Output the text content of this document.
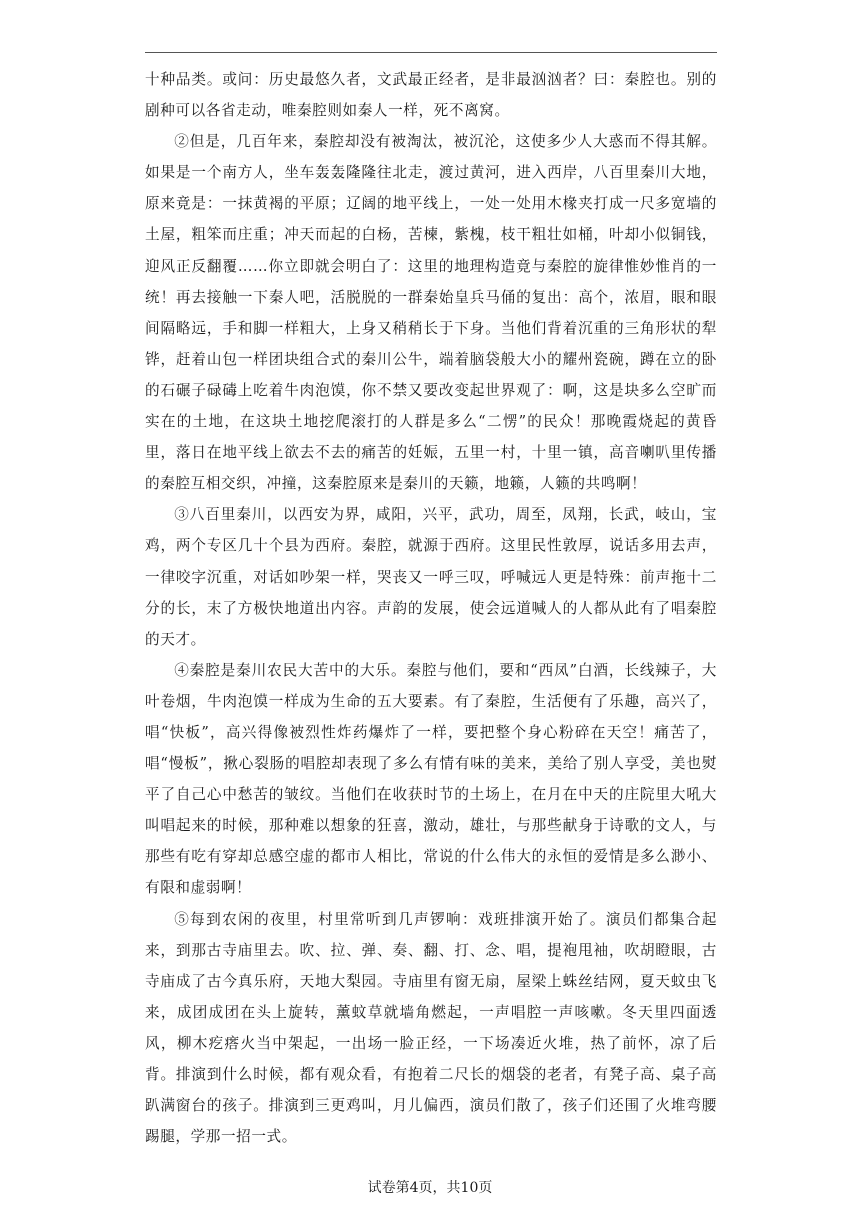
十种品类。或问：历史最悠久者，文武最正经者，是非最汹汹者？曰：秦腔也。别的剧种可以各省走动，唯秦腔则如秦人一样，死不离窝。

②但是，几百年来，秦腔却没有被淘汰，被沉沦，这使多少人大惑而不得其解。如果是一个南方人，坐车轰轰隆隆往北走，渡过黄河，进入西岸，八百里秦川大地，原来竟是：一抹黄褐的平原；辽阔的地平线上，一处一处用木椽夹打成一尺多宽墙的土屋，粗笨而庄重；冲天而起的白杨，苦楝，紫槐，枝干粗壮如桶，叶却小似铜钱，迎风正反翻覆……你立即就会明白了：这里的地理构造竟与秦腔的旋律惟妙惟肖的一统！再去接触一下秦人吧，活脱脱的一群秦始皇兵马俑的复出：高个，浓眉，眼和眼间隔略远，手和脚一样粗大，上身又稍稍长于下身。当他们背着沉重的三角形状的犁铧，赶着山包一样团块组合式的秦川公牛，端着脑袋般大小的耀州瓷碗，蹲在立的卧的石碾子碌碡上吃着牛肉泡馍，你不禁又要改变起世界观了：啊，这是块多么空旷而实在的土地，在这块土地挖爬滚打的人群是多么“二愣”的民众！那晚霞烧起的黄昏里，落日在地平线上欲去不去的痛苦的妊娠，五里一村，十里一镇，高音喇叭里传播的秦腔互相交织，冲撞，这秦腔原来是秦川的天籁，地籁，人籁的共鸣啊！

③八百里秦川，以西安为界，咸阳，兴平，武功，周至，凤翔，长武，岐山，宝鸡，两个专区几十个县为西府。秦腔，就源于西府。这里民性敦厚，说话多用去声，一律咬字沉重，对话如吵架一样，哭丧又一呼三叹，呼喊远人更是特殊：前声拖十二分的长，末了方极快地道出内容。声韵的发展，使会远道喊人的人都从此有了唱秦腔的天才。

④秦腔是秦川农民大苦中的大乐。秦腔与他们，要和“西凤”白酒，长线辣子，大叶卷烟，牛肉泡馍一样成为生命的五大要素。有了秦腔，生活便有了乐趣，高兴了，唱“快板”，高兴得像被烈性炸药爆炸了一样，要把整个身心粉碎在天空！痛苦了，唱“慢板”，揪心裂肠的唱腔却表现了多么有情有味的美来，美给了别人享受，美也熨平了自己心中愁苦的皱纹。当他们在收获时节的土场上，在月在中天的庄院里大吼大叫唱起来的时候，那种难以想象的狂喜，激动，雄壮，与那些献身于诗歌的文人，与那些有吃有穿却总感空虚的都市人相比，常说的什么伟大的永恒的爱情是多么渺小、有限和虚弱啊！

⑤每到农闲的夜里，村里常听到几声锣响：戏班排演开始了。演员们都集合起来，到那古寺庙里去。吹、拉、弹、奏、翻、打、念、唱，提袍甩袖，吹胡瞪眼，古寺庙成了古今真乐府，天地大梨园。寺庙里有窗无扇，屋梁上蛛丝结网，夏天蚊虫飞来，成团成团在头上旋转，薰蚊草就墙角燃起，一声唱腔一声咳嗽。冬天里四面透风，柳木疙瘩火当中架起，一出场一脸正经，一下场凑近火堆，热了前怀，凉了后背。排演到什么时候，都有观众看，有抱着二尺长的烟袋的老者，有凳子高、桌子高趴满窗台的孩子。排演到三更鸡叫，月儿偏西，演员们散了，孩子们还围了火堆弯腰踢腿，学那一招一式。

试卷第4页，共10页
